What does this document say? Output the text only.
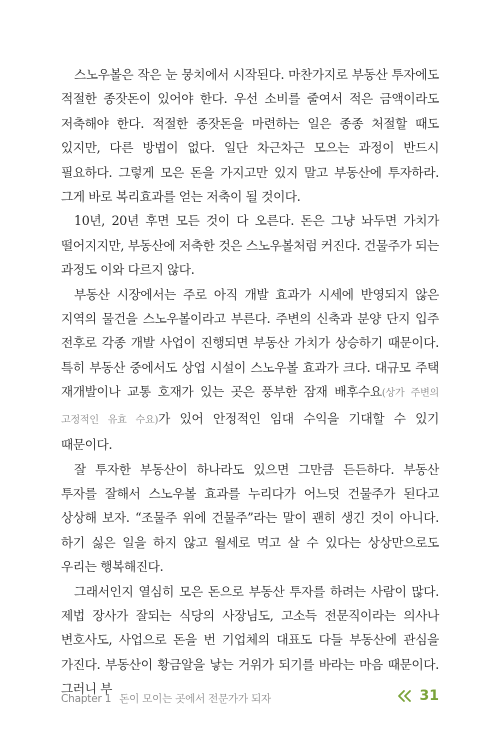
스노우볼은 작은 눈 뭉치에서 시작된다. 마찬가지로 부동산 투자에도 적절한 종잣돈이 있어야 한다. 우선 소비를 줄여서 적은 금액이라도 저축해야 한다. 적절한 종잣돈을 마련하는 일은 종종 처절할 때도 있지만, 다른 방법이 없다. 일단 차근차근 모으는 과정이 반드시 필요하다. 그렇게 모은 돈을 가지고만 있지 말고 부동산에 투자하라. 그게 바로 복리효과를 얻는 저축이 될 것이다.

10년, 20년 후면 모든 것이 다 오른다. 돈은 그냥 놔두면 가치가 떨어지지만, 부동산에 저축한 것은 스노우볼처럼 커진다. 건물주가 되는 과정도 이와 다르지 않다.

부동산 시장에서는 주로 아직 개발 효과가 시세에 반영되지 않은 지역의 물건을 스노우볼이라고 부른다. 주변의 신축과 분양 단지 입주 전후로 각종 개발 사업이 진행되면 부동산 가치가 상승하기 때문이다. 특히 부동산 중에서도 상업 시설이 스노우볼 효과가 크다. 대규모 주택 재개발이나 교통 호재가 있는 곳은 풍부한 잠재 배후수요(상가 주변의 고정적인 유효 수요)가 있어 안정적인 임대 수익을 기대할 수 있기 때문이다.

잘 투자한 부동산이 하나라도 있으면 그만큼 든든하다. 부동산 투자를 잘해서 스노우볼 효과를 누리다가 어느덧 건물주가 된다고 상상해 보자. “조물주 위에 건물주”라는 말이 괜히 생긴 것이 아니다. 하기 싫은 일을 하지 않고 월세로 먹고 살 수 있다는 상상만으로도 우리는 행복해진다.

그래서인지 열심히 모은 돈으로 부동산 투자를 하려는 사람이 많다. 제법 장사가 잘되는 식당의 사장님도, 고소득 전문직이라는 의사나 변호사도, 사업으로 돈을 번 기업체의 대표도 다들 부동산에 관심을 가진다. 부동산이 황금알을 낳는 거위가 되기를 바라는 마음 때문이다. 그러니 부

Chapter 1 돈이 모이는 곳에서 전문가가 되자	31
